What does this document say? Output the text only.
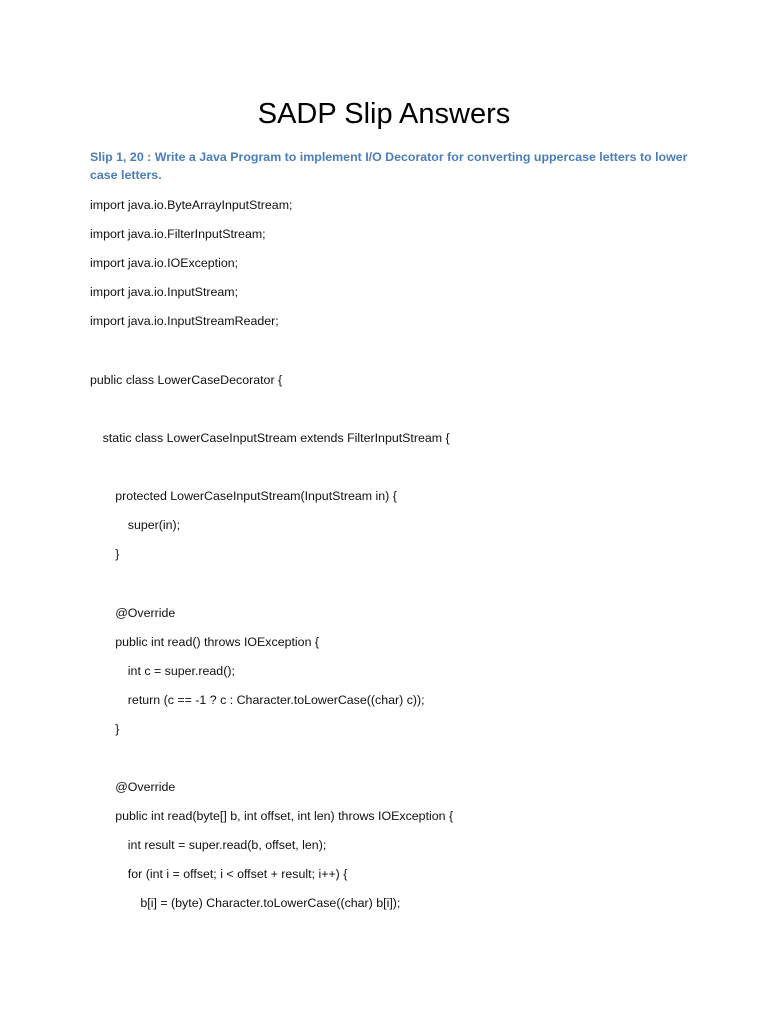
SADP Slip Answers

Slip 1, 20 : Write a Java Program to implement I/O Decorator for converting uppercase letters to lower case letters.

import java.io.ByteArrayInputStream;
import java.io.FilterInputStream;
import java.io.IOException;
import java.io.InputStream;
import java.io.InputStreamReader;
public class LowerCaseDecorator {
static class LowerCaseInputStream extends FilterInputStream {
protected LowerCaseInputStream(InputStream in) {
super(in);
}
@Override
public int read() throws IOException {
int c = super.read();
return (c == -1 ? c : Character.toLowerCase((char) c));
}
@Override
public int read(byte[] b, int offset, int len) throws IOException {
int result = super.read(b, offset, len);
for (int i = offset; i < offset + result; i++) {
b[i] = (byte) Character.toLowerCase((char) b[i]);
